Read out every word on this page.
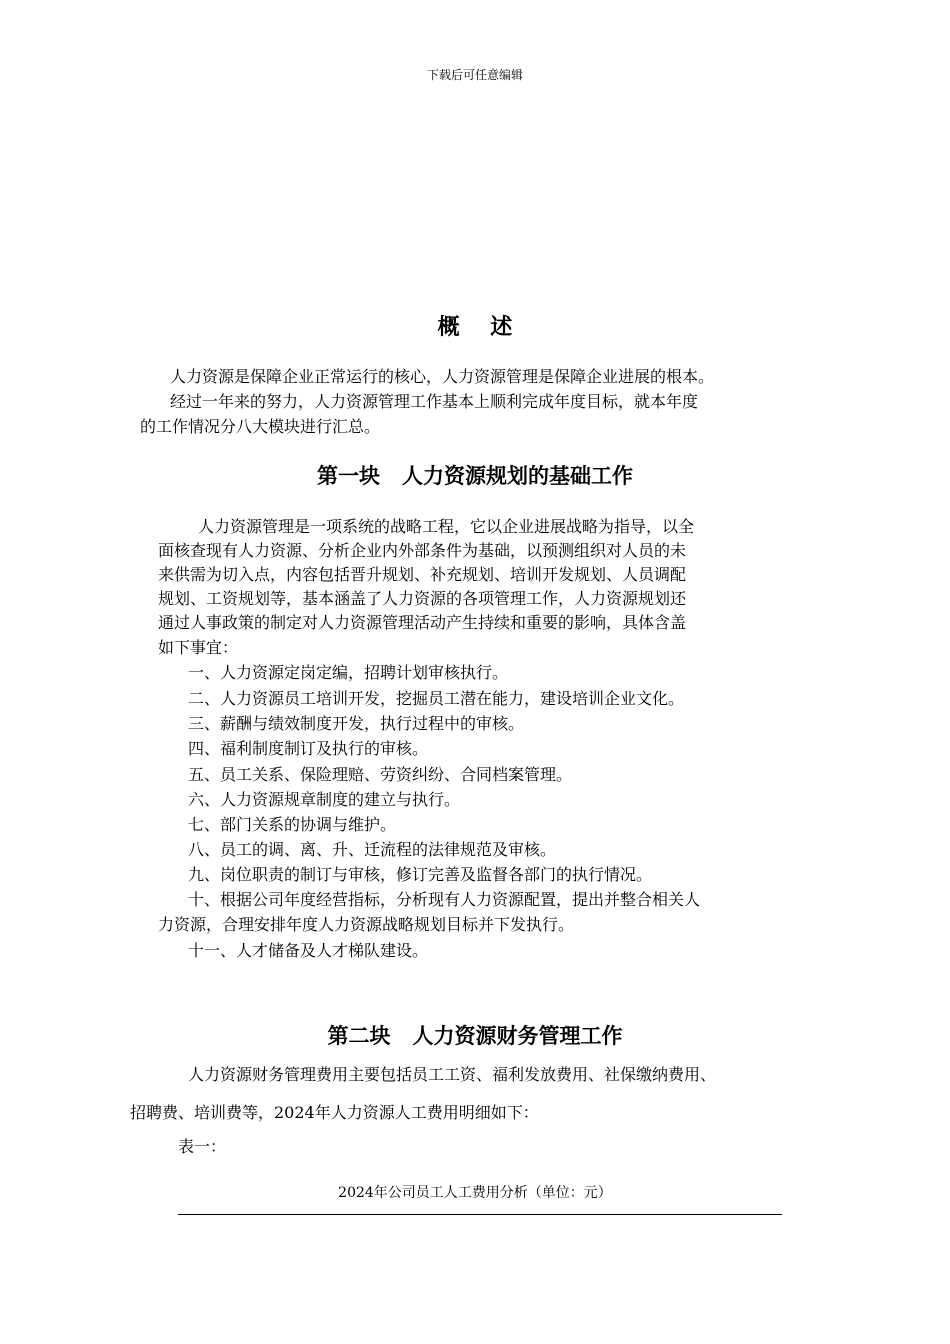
下载后可任意编辑
概    述
人力资源是保障企业正常运行的核心，人力资源管理是保障企业进展的根本。
经过一年来的努力，人力资源管理工作基本上顺利完成年度目标，就本年度
的工作情况分八大模块进行汇总。
第一块   人力资源规划的基础工作
人力资源管理是一项系统的战略工程，它以企业进展战略为指导，以全
面核查现有人力资源、分析企业内外部条件为基础，以预测组织对人员的未
来供需为切入点，内容包括晋升规划、补充规划、培训开发规划、人员调配
规划、工资规划等，基本涵盖了人力资源的各项管理工作，人力资源规划还
通过人事政策的制定对人力资源管理活动产生持续和重要的影响，具体含盖
如下事宜：
一、人力资源定岗定编，招聘计划审核执行。
二、人力资源员工培训开发，挖掘员工潜在能力，建设培训企业文化。
三、薪酬与绩效制度开发，执行过程中的审核。
四、福利制度制订及执行的审核。
五、员工关系、保险理赔、劳资纠纷、合同档案管理。
六、人力资源规章制度的建立与执行。
七、部门关系的协调与维护。
八、员工的调、离、升、迁流程的法律规范及审核。
九、岗位职责的制订与审核，修订完善及监督各部门的执行情况。
十、根据公司年度经营指标，分析现有人力资源配置，提出并整合相关人
力资源，合理安排年度人力资源战略规划目标并下发执行。
十一、人才储备及人才梯队建设。
第二块   人力资源财务管理工作
人力资源财务管理费用主要包括员工工资、福利发放费用、社保缴纳费用、
招聘费、培训费等，2024年人力资源人工费用明细如下：
表一：
2024年公司员工人工费用分析（单位：元）
